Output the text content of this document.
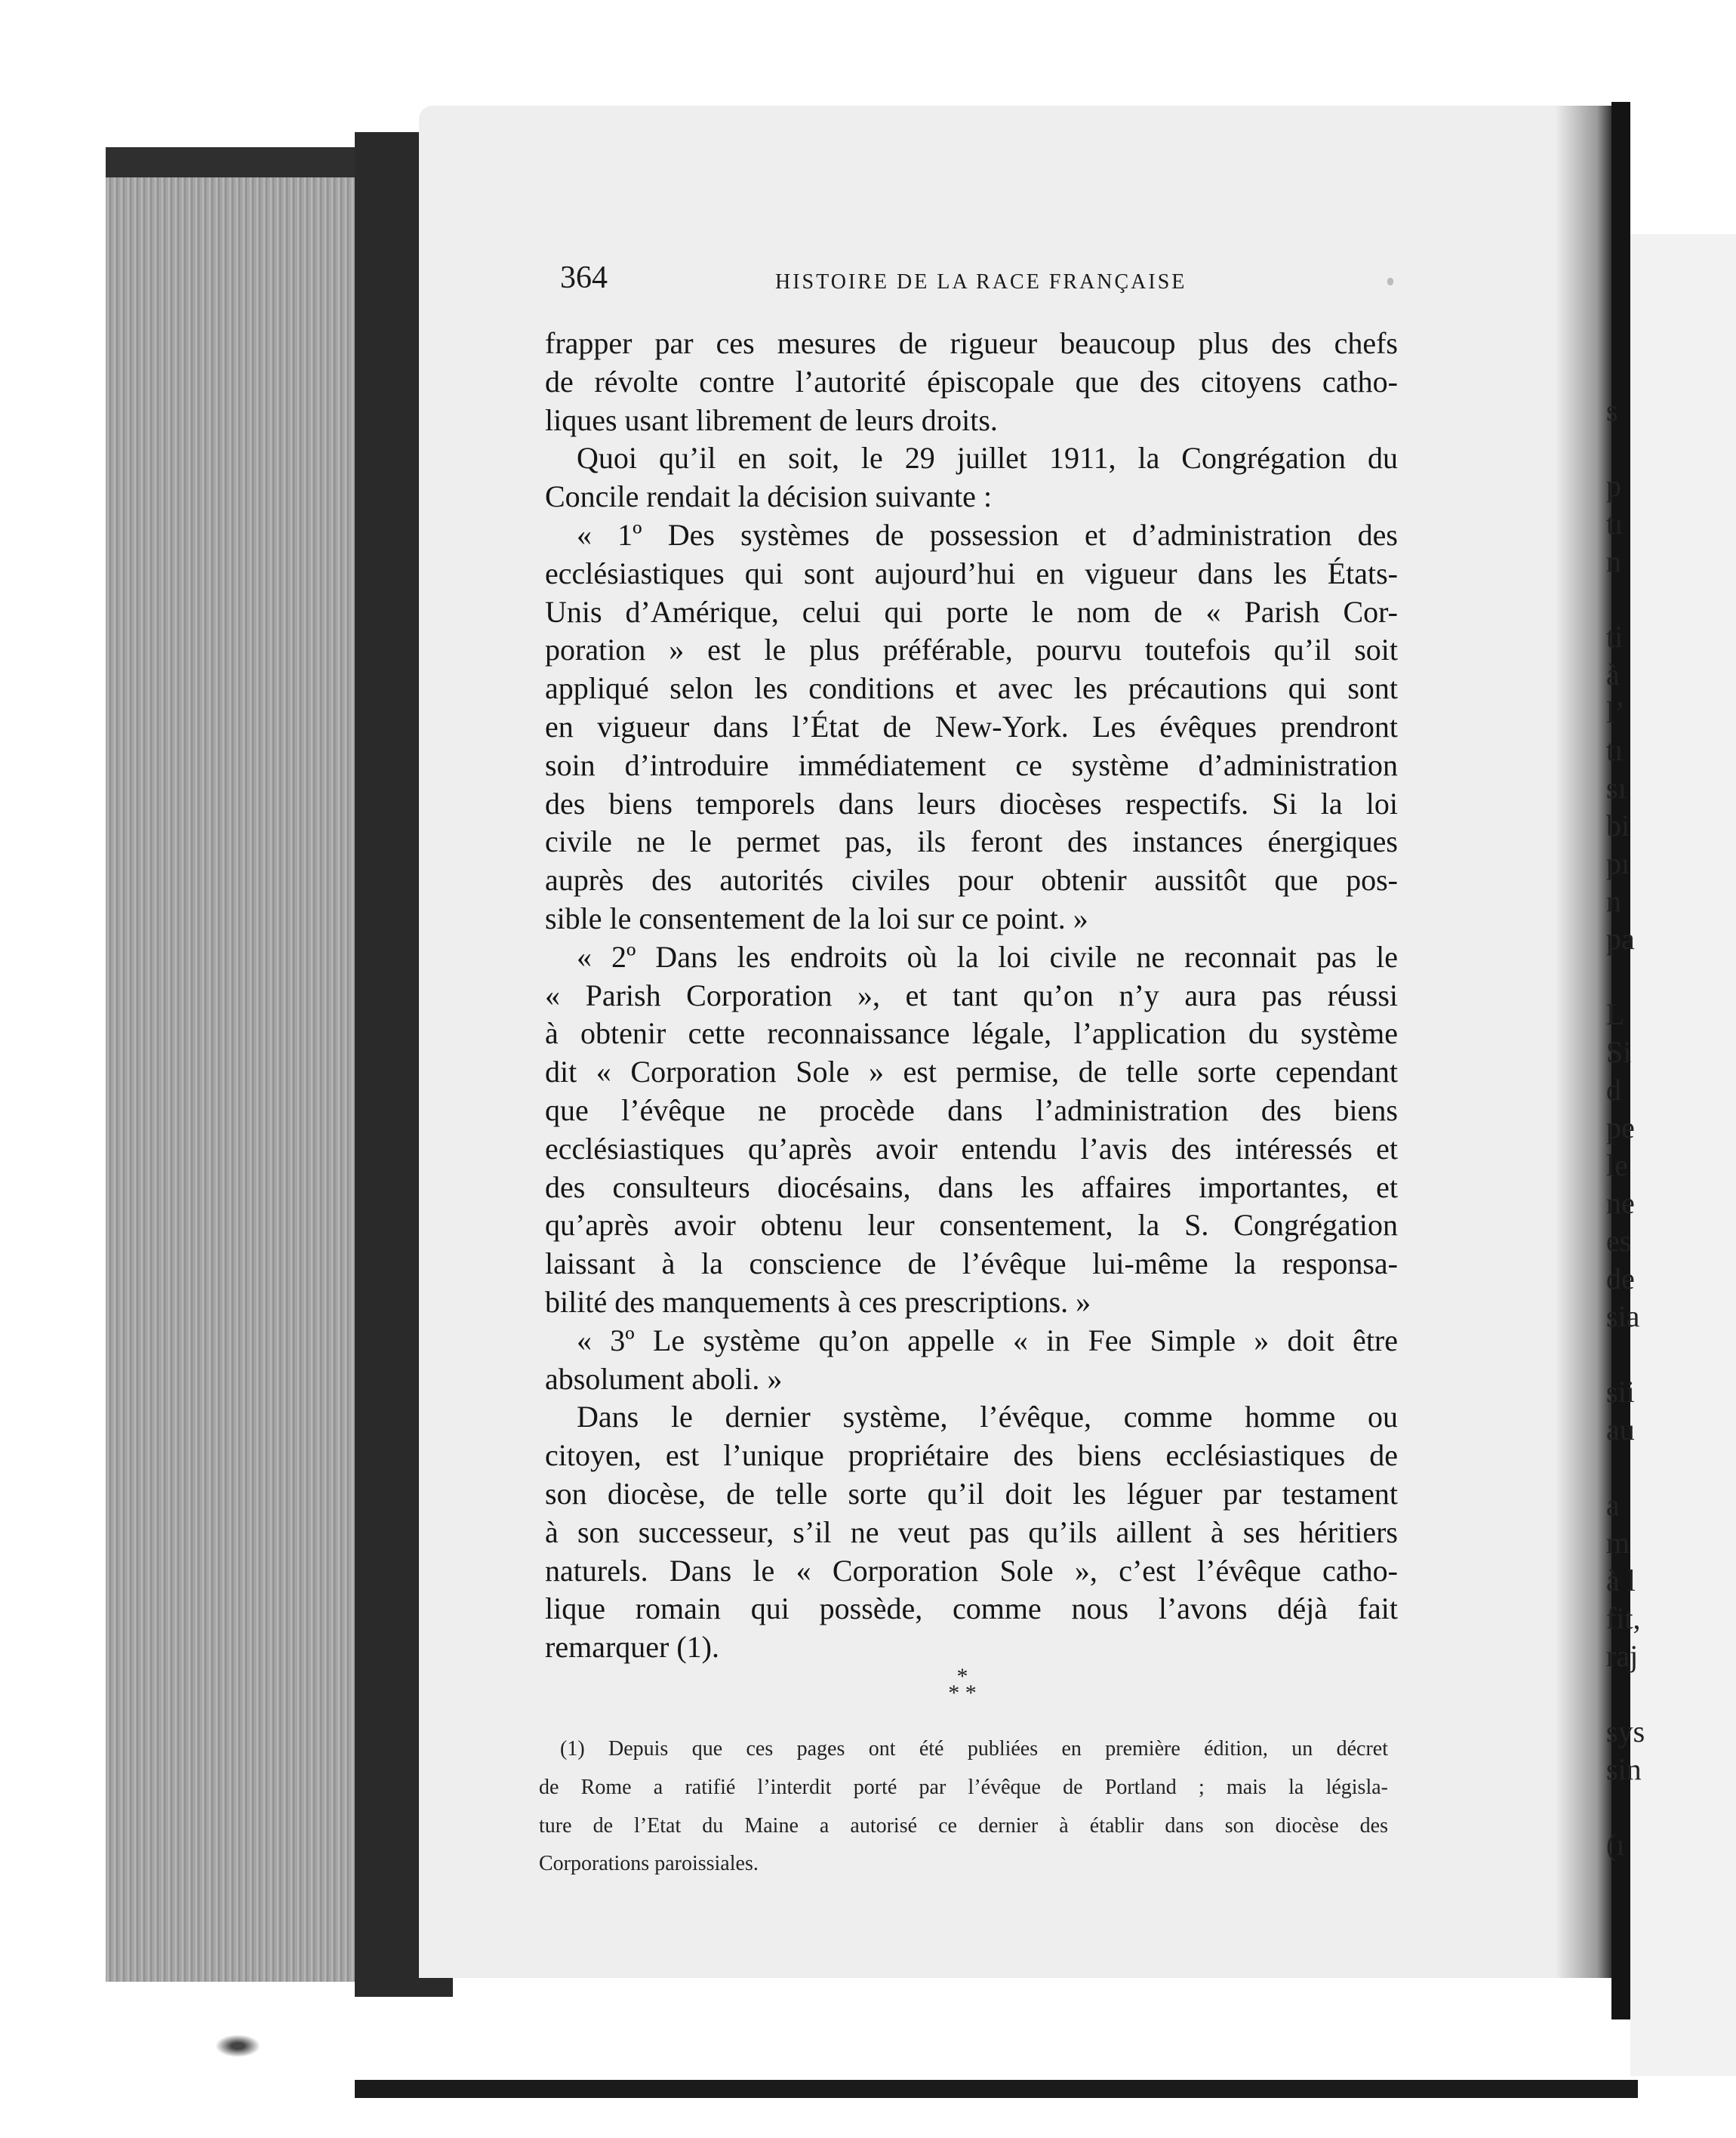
364	HISTOIRE DE LA RACE FRANÇAISE
frapper par ces mesures de rigueur beaucoup plus des chefs
de révolte contre l’autorité épiscopale que des citoyens catho-
liques usant librement de leurs droits.
Quoi qu’il en soit, le 29 juillet 1911, la Congrégation du
Concile rendait la décision suivante :
« 1º Des systèmes de possession et d’administration des
ecclésiastiques qui sont aujourd’hui en vigueur dans les États-
Unis d’Amérique, celui qui porte le nom de « Parish Cor-
poration » est le plus préférable, pourvu toutefois qu’il soit
appliqué selon les conditions et avec les précautions qui sont
en vigueur dans l’État de New-York. Les évêques prendront
soin d’introduire immédiatement ce système d’administration
des biens temporels dans leurs diocèses respectifs. Si la loi
civile ne le permet pas, ils feront des instances énergiques
auprès des autorités civiles pour obtenir aussitôt que pos-
sible le consentement de la loi sur ce point. »
« 2º Dans les endroits où la loi civile ne reconnait pas le
« Parish Corporation », et tant qu’on n’y aura pas réussi
à obtenir cette reconnaissance légale, l’application du système
dit « Corporation Sole » est permise, de telle sorte cependant
que l’évêque ne procède dans l’administration des biens
ecclésiastiques qu’après avoir entendu l’avis des intéressés et
des consulteurs diocésains, dans les affaires importantes, et
qu’après avoir obtenu leur consentement, la S. Congrégation
laissant à la conscience de l’évêque lui-même la responsa-
bilité des manquements à ces prescriptions. »
« 3º Le système qu’on appelle « in Fee Simple » doit être
absolument aboli. »
Dans le dernier système, l’évêque, comme homme ou
citoyen, est l’unique propriétaire des biens ecclésiastiques de
son diocèse, de telle sorte qu’il doit les léguer par testament
à son successeur, s’il ne veut pas qu’ils aillent à ses héritiers
naturels. Dans le « Corporation Sole », c’est l’évêque catho-
lique romain qui possède, comme nous l’avons déjà fait
remarquer (1).
*
* *
(1) Depuis que ces pages ont été publiées en première édition, un décret
de Rome a ratifié l’interdit porté par l’évêque de Portland ; mais la législa-
ture de l’Etat du Maine a autorisé ce dernier à établir dans son diocèse des
Corporations paroissiales.
s
p
tı
n
ti
à
l’
tı
sı
bi
pı
n
pa
L
Si
d
pe
le
ne
es
de
sia
sii
au
a
m
à l
fit,
raj
sys
sin
(ı
